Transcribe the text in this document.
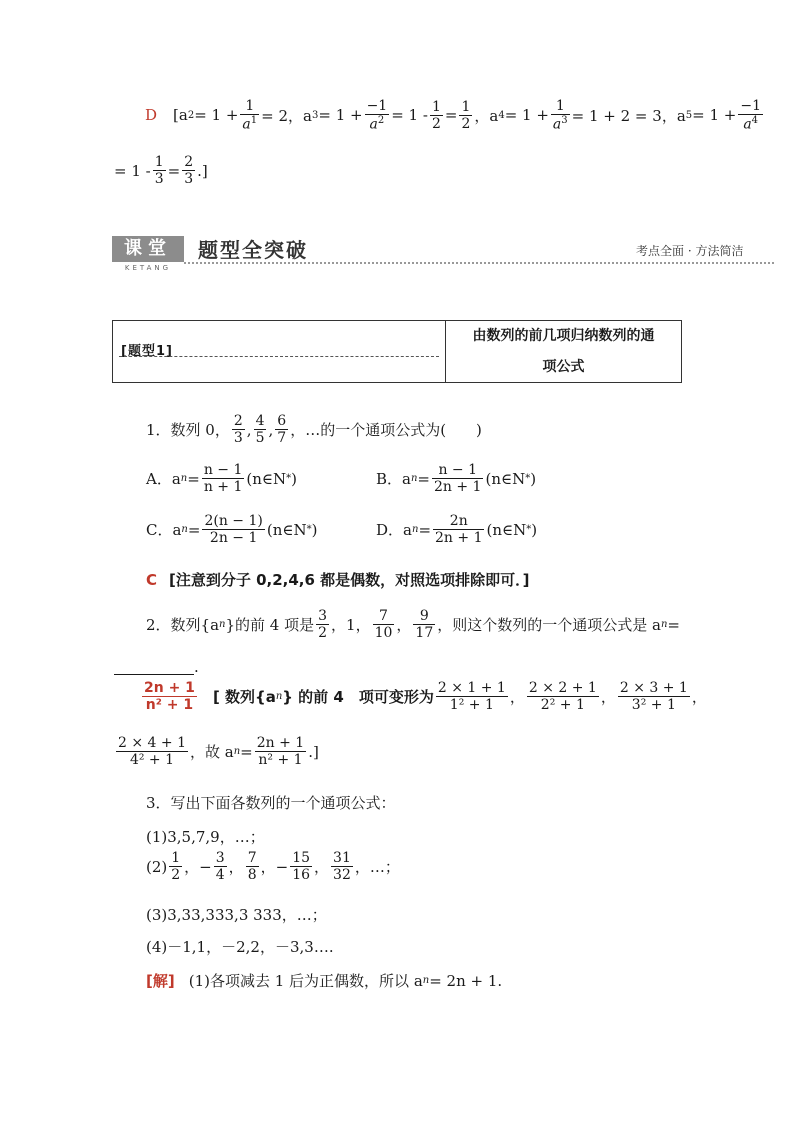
D [a $2 = 1 + \frac{1}{a^1} = 2$，a $3 = 1 + \frac{-1}{a^2} = 1 - \frac{1}{2} = \frac{1}{2}$ ，a $4 = 1 + \frac{1}{a^3} = 1 + 2 = 3$，a $5 = 1 + \frac{-1}{a^4}$
= $1 - \frac{1}{3} = \frac{2}{3}$ .]
课堂
KETANG
题型全突破	考点全面 · 方法简洁
[题型1]
由数列的前几项归纳数列的通
项公式
1．数列 0， $\frac{2}{3}$ , $\frac{4}{5}$ , $\frac{6}{7}$ ，…的一个通项公式为(　　)
A．a $n = \frac{n - 1}{n + 1}$ (n∈N * )	B．a $n = \frac{n - 1}{2n + 1}$ (n∈N * )
C．a $n = \frac{2(n - 1)}{2n - 1}$ (n∈N * )	D．a $n = \frac{2n}{2n + 1}$ (n∈N * )
C [注意到分子 0,2,4,6 都是偶数，对照选项排除即可．]
2．数列{a n }的前 4 项是 $\frac{3}{2}$ ，1， $\frac{7}{10}$ ， $\frac{9}{17}$ ，则这个数列的一个通项公式是 a n =
.
$\frac{2n + 1}{\text{n² + 1}}$ [ 数列{a n } 的前 4　项可变形为 $\frac{2 \times 1 + 1}{\text{1² + 1}}$ ， $\frac{2 \times 2 + 1}{\text{2² + 1}}$ ， $\frac{2 \times 3 + 1}{\text{3² + 1}}$ ，
$\frac{2 \times 4 + 1}{\text{4² + 1}}$ ，故 a $n = \frac{2n + 1}{\text{n² + 1}}$ .]
3．写出下面各数列的一个通项公式：
(1)3,5,7,9，…；
$(2) \frac{1}{2}$ ，− $\frac{3}{4}$ ， $\frac{7}{8}$ ，− $\frac{15}{16}$ ， $\frac{31}{32}$ ，…；
(3)3,33,333,3 333，…；
(4)－1,1，－2,2，－3,3….
[解] (1)各项减去 1 后为正偶数，所以 a n = 2n + 1.
